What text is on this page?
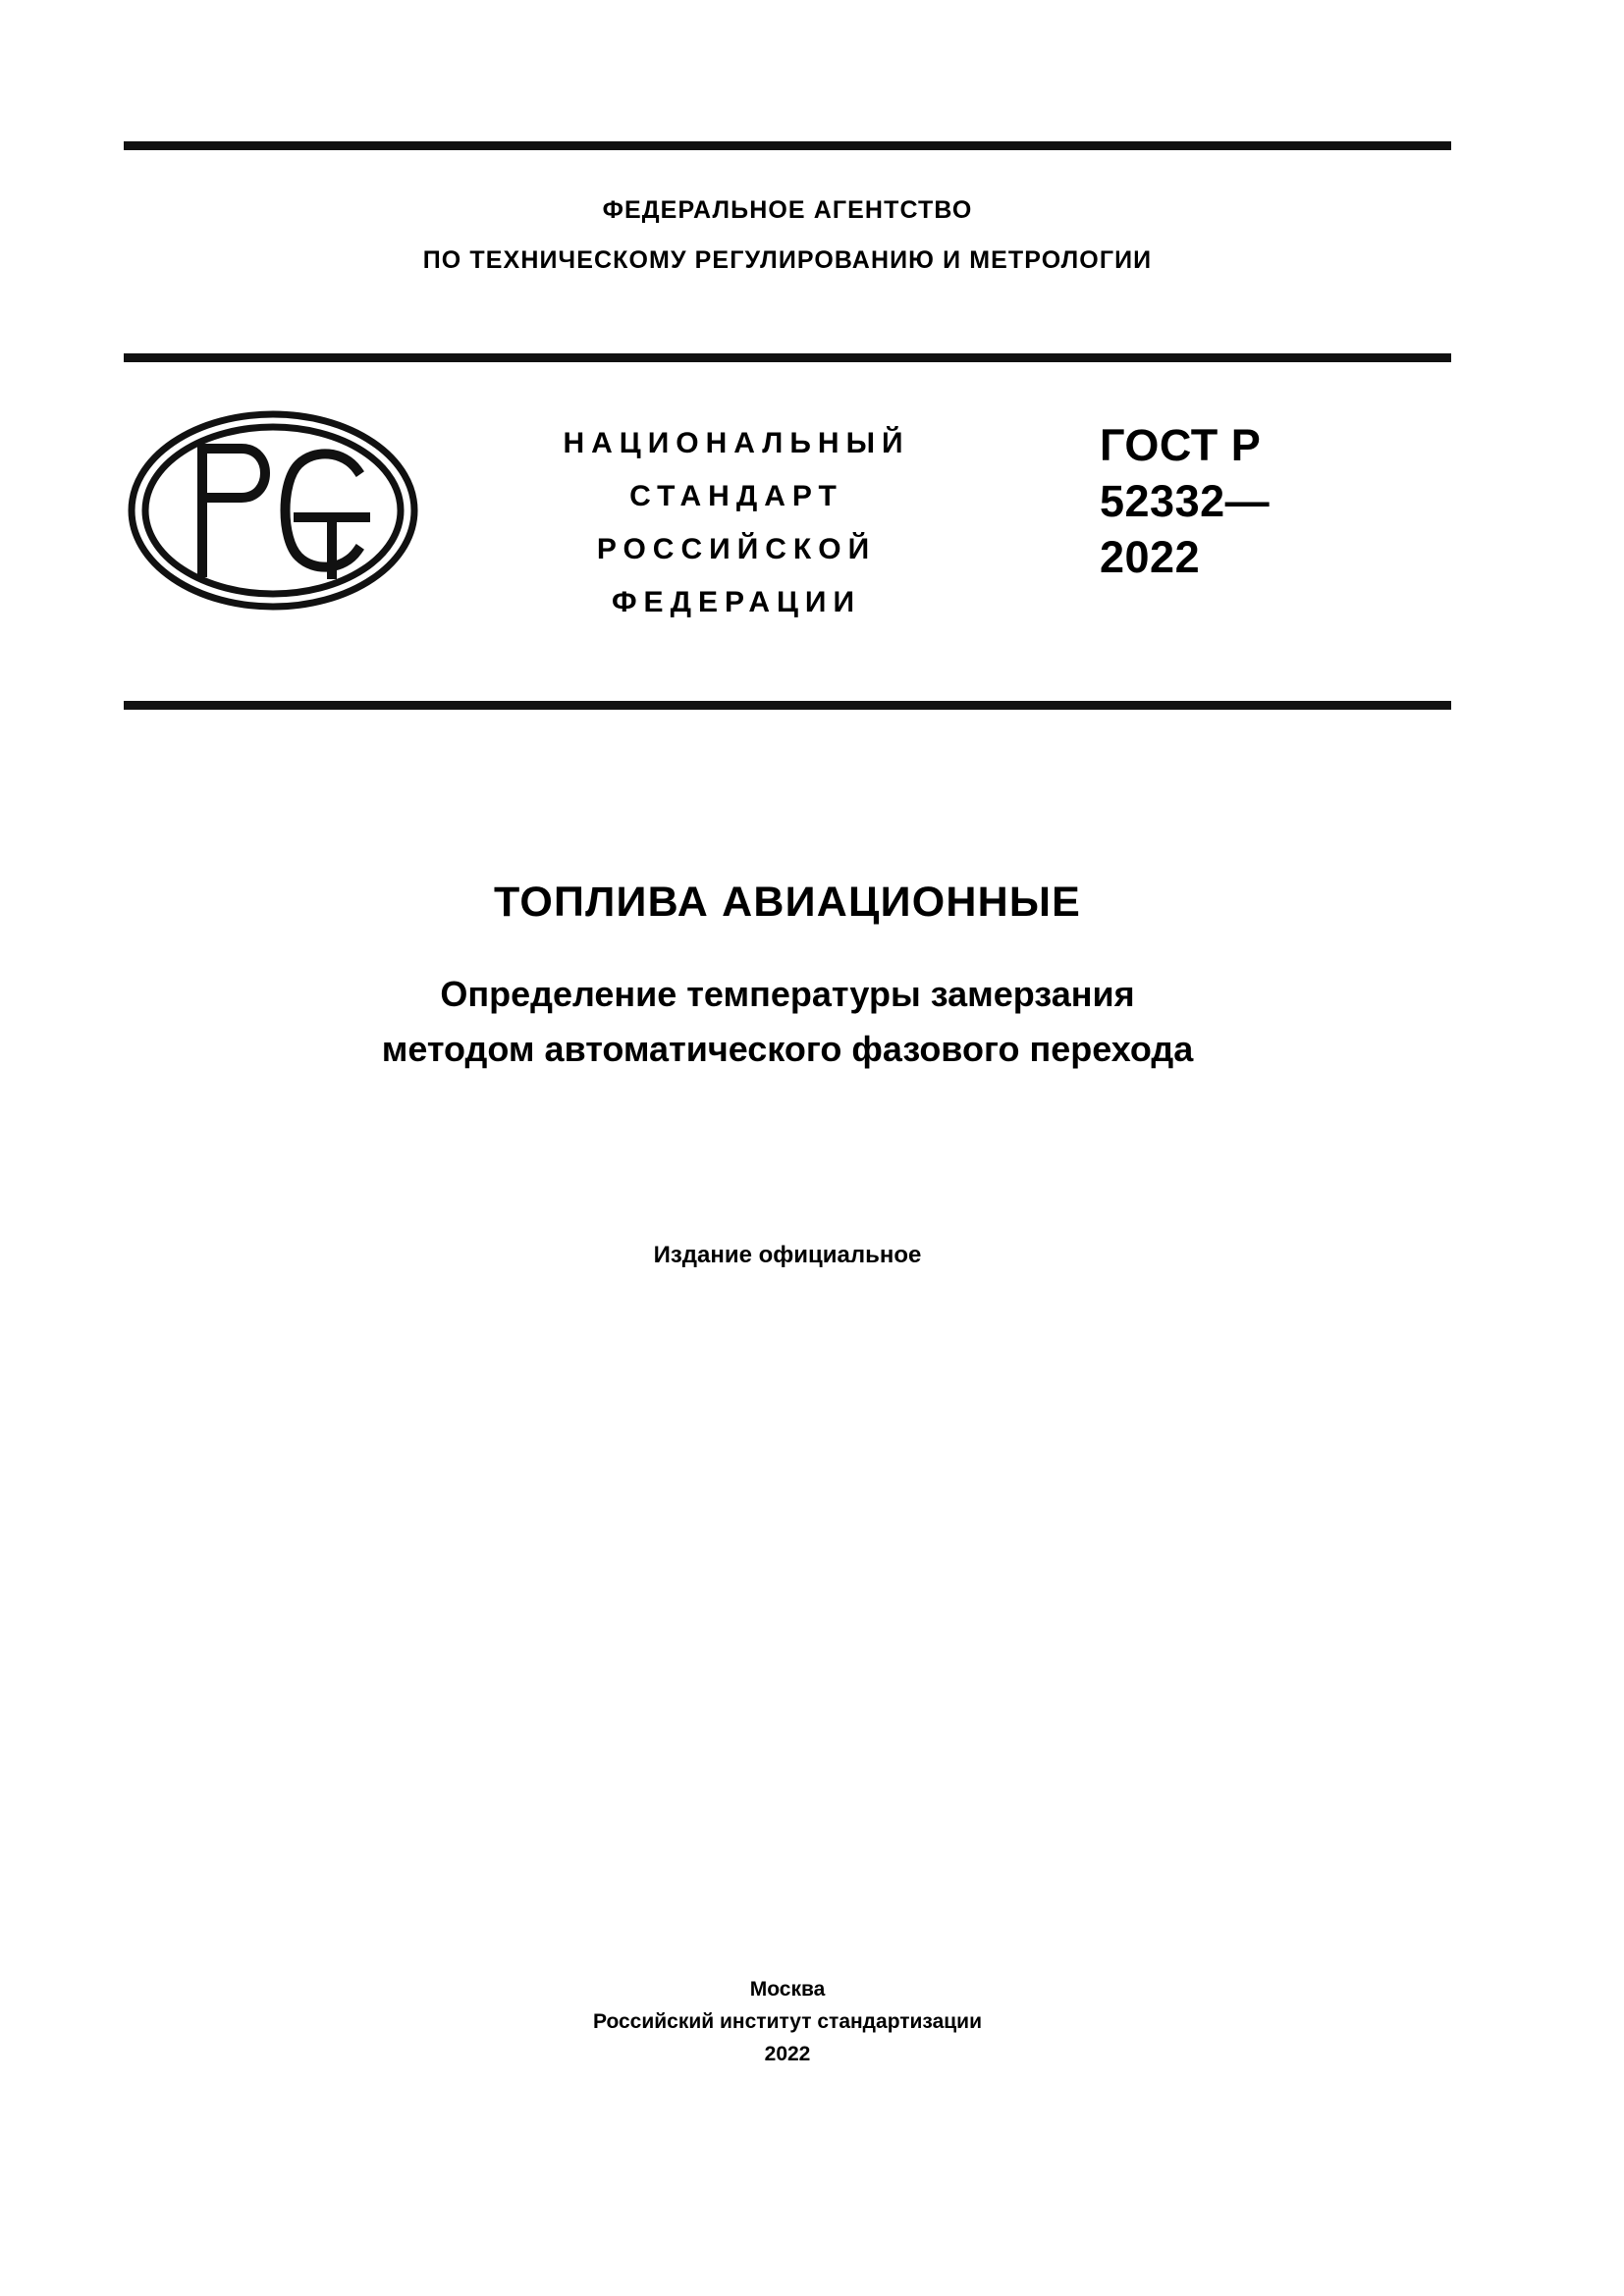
ФЕДЕРАЛЬНОЕ АГЕНТСТВО
ПО ТЕХНИЧЕСКОМУ РЕГУЛИРОВАНИЮ И МЕТРОЛОГИИ
НАЦИОНАЛЬНЫЙ
СТАНДАРТ
РОССИЙСКОЙ
ФЕДЕРАЦИИ
ГОСТ Р
52332—
2022
ТОПЛИВА АВИАЦИОННЫЕ
Определение температуры замерзания
методом автоматического фазового перехода
Издание официальное
Москва
Российский институт стандартизации
2022
